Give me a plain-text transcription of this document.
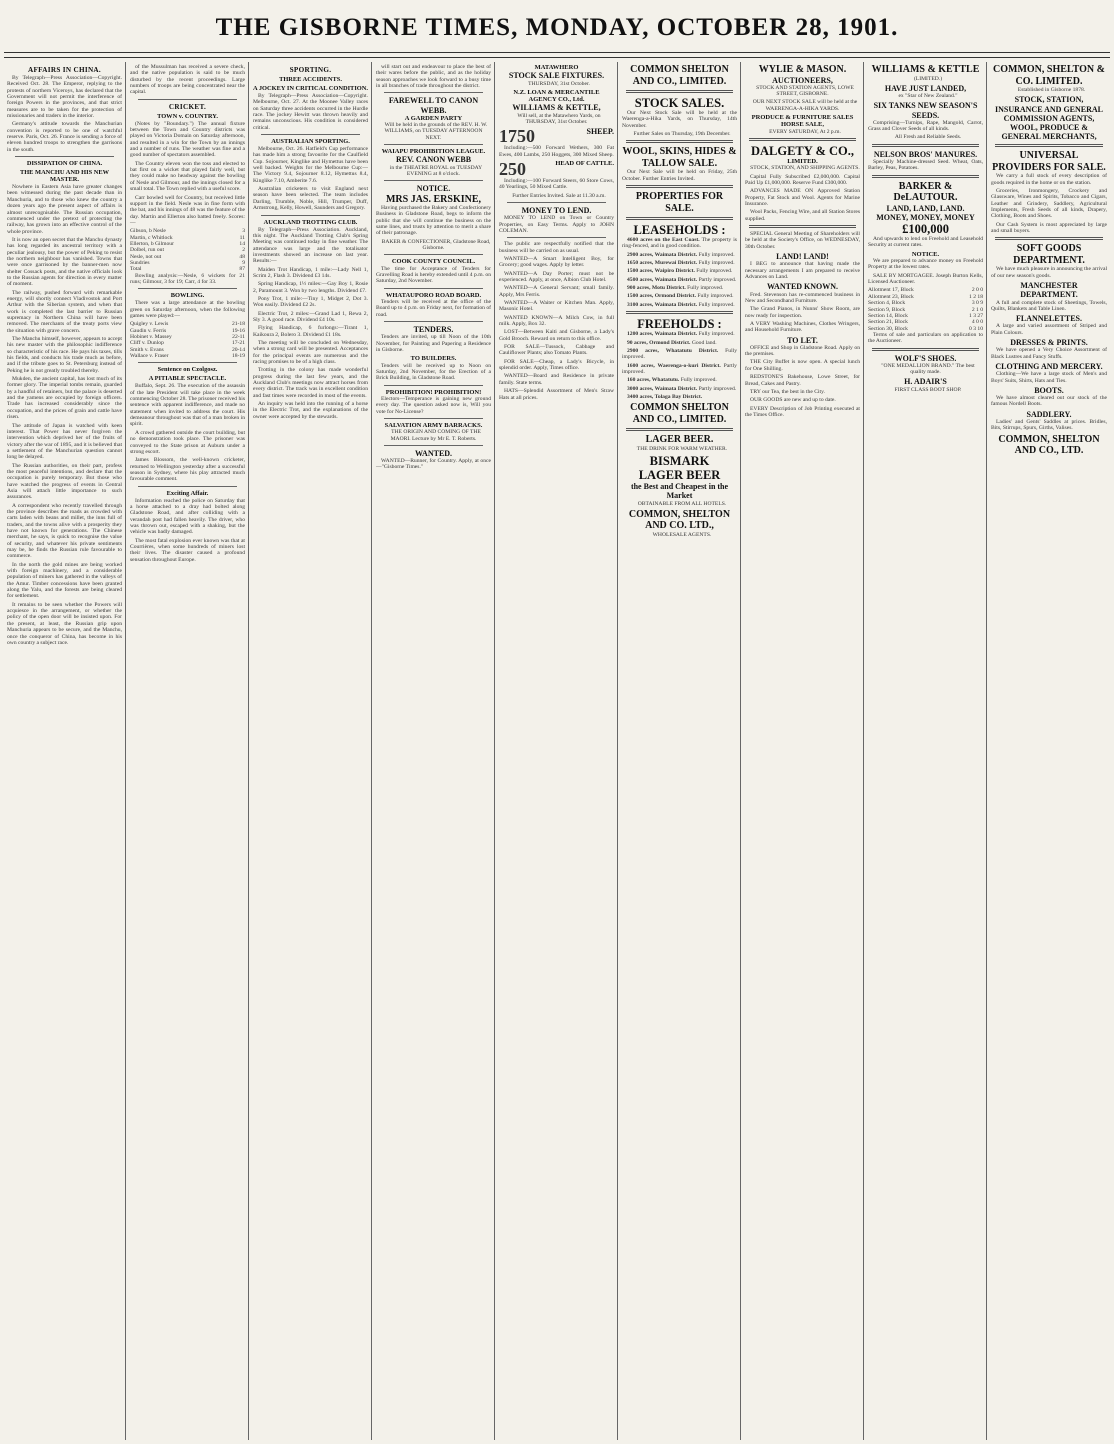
THE GISBORNE TIMES, MONDAY, OCTOBER 28, 1901.
AFFAIRS IN CHINA.

By Telegraph—Press Association—Copyright. Received Oct. 28. The Emperor, replying to the protests of northern Viceroys, has declared that the Government will not permit the interference of foreign Powers in the provinces, and that strict measures are to be taken for the protection of missionaries and traders in the interior.

Germany's attitude towards the Manchurian convention is reported to be one of watchful reserve. Paris, Oct. 26. France is sending a force of eleven hundred troops to strengthen the garrisons in the south.

DISSIPATION OF CHINA.
THE MANCHU AND HIS NEW MASTER.

Nowhere in Eastern Asia have greater changes been witnessed during the past decade than in Manchuria, and to those who knew the country a dozen years ago the present aspect of affairs is almost unrecognisable. The Russian occupation, commenced under the pretext of protecting the railway, has grown into an effective control of the whole province.

It is now an open secret that the Manchu dynasty has long regarded its ancestral territory with a peculiar jealousy, but the power of Peking to resist the northern neighbour has vanished. Towns that were once garrisoned by the banner-men now shelter Cossack posts, and the native officials look to the Russian agents for direction in every matter of moment.

The railway, pushed forward with remarkable energy, will shortly connect Vladivostok and Port Arthur with the Siberian system, and when that work is completed the last barrier to Russian supremacy in Northern China will have been removed. The merchants of the treaty ports view the situation with grave concern.

The Manchu himself, however, appears to accept his new master with the philosophic indifference so characteristic of his race. He pays his taxes, tills his fields, and conducts his trade much as before, and if the tribute goes to St. Petersburg instead of Peking he is not greatly troubled thereby.

Mukden, the ancient capital, has lost much of its former glory. The imperial tombs remain, guarded by a handful of retainers, but the palace is deserted and the yamens are occupied by foreign officers. Trade has increased considerably since the occupation, and the prices of grain and cattle have risen.

The attitude of Japan is watched with keen interest. That Power has never forgiven the intervention which deprived her of the fruits of victory after the war of 1895, and it is believed that a settlement of the Manchurian question cannot long be delayed.

The Russian authorities, on their part, profess the most peaceful intentions, and declare that the occupation is purely temporary. But those who have watched the progress of events in Central Asia will attach little importance to such assurances.

A correspondent who recently travelled through the province describes the roads as crowded with carts laden with beans and millet, the inns full of traders, and the towns alive with a prosperity they have not known for generations. The Chinese merchant, he says, is quick to recognise the value of security, and whatever his private sentiments may be, he finds the Russian rule favourable to commerce.

In the north the gold mines are being worked with foreign machinery, and a considerable population of miners has gathered in the valleys of the Amur. Timber concessions have been granted along the Yalu, and the forests are being cleared for settlement.

It remains to be seen whether the Powers will acquiesce in the arrangement, or whether the policy of the open door will be insisted upon. For the present, at least, the Russian grip upon Manchuria appears to be secure, and the Manchu, once the conqueror of China, has become in his own country a subject race.

of the Mussulman has received a severe check, and the native population is said to be much disturbed by the recent proceedings. Large numbers of troops are being concentrated near the capital.

CRICKET.
TOWN v. COUNTRY.

(Notes by "Boundary.") The annual fixture between the Town and Country districts was played on Victoria Domain on Saturday afternoon, and resulted in a win for the Town by an innings and a number of runs. The weather was fine and a good number of spectators assembled.

The Country eleven won the toss and elected to bat first on a wicket that played fairly well, but they could make no headway against the bowling of Nesle and Gilmour, and the innings closed for a small total. The Town replied with a useful score.

Carr bowled well for Country, but received little support in the field. Nesle was in fine form with the bat, and his innings of 48 was the feature of the day. Martin and Ellerton also batted freely. Scores:—

Gibson, b Nesle	3
Martin, c Whitlock	11
Ellerton, b Gilmour	14
Dolbel, run out	2
Nesle, not out	48
Sundries	9
Total	87

Bowling analysis:—Nesle, 6 wickets for 21 runs; Gilmour, 3 for 19; Carr, 4 for 33.

BOWLING.

There was a large attendance at the bowling green on Saturday afternoon, when the following games were played:—

Quigley v. Lewis	21-18
Gaudin v. Ferris	19-16
Hobinet v. Massey	22-11
Cliff v. Dunlop	17-21
Smith v. Evans	20-14
Wallace v. Fraser	18-19
Sentence on Czolgosz.
A PITIABLE SPECTACLE.

Buffalo, Sept. 26. The execution of the assassin of the late President will take place in the week commencing October 28. The prisoner received his sentence with apparent indifference, and made no statement when invited to address the court. His demeanour throughout was that of a man broken in spirit.

A crowd gathered outside the court building, but no demonstration took place. The prisoner was conveyed to the State prison at Auburn under a strong escort.

James Blossom, the well-known cricketer, returned to Wellington yesterday after a successful season in Sydney, where his play attracted much favourable comment.

Exciting Affair.

Information reached the police on Saturday that a horse attached to a dray had bolted along Gladstone Road, and after colliding with a verandah post had fallen heavily. The driver, who was thrown out, escaped with a shaking, but the vehicle was badly damaged.

The most fatal explosion ever known was that at Courrières, when some hundreds of miners lost their lives. The disaster caused a profound sensation throughout Europe.

SPORTING.
THREE ACCIDENTS.
A JOCKEY IN CRITICAL CONDITION.

By Telegraph—Press Association—Copyright. Melbourne, Oct. 27. At the Moonee Valley races on Saturday three accidents occurred in the Hurdle race. The jockey Hewitt was thrown heavily and remains unconscious. His condition is considered critical.

AUSTRALIAN SPORTING.

Melbourne, Oct. 26. Hatfield's Cup performance has made him a strong favourite for the Caulfield Cup. Sojourner, Kinglike and Hymettus have been well backed. Weights for the Melbourne Cup:—The Victory 9.4, Sojourner 8.12, Hymettus 8.4, Kinglike 7.10, Amberite 7.6.

Australian cricketers to visit England next season have been selected. The team includes Darling, Trumble, Noble, Hill, Trumper, Duff, Armstrong, Kelly, Howell, Saunders and Gregory.

AUCKLAND TROTTING CLUB.

By Telegraph—Press Association. Auckland, this night. The Auckland Trotting Club's Spring Meeting was continued today in fine weather. The attendance was large and the totalisator investments showed an increase on last year. Results:—

Maiden Trot Handicap, 1 mile:—Lady Nell 1, Scrim 2, Flash 3. Dividend £3 14s.

Spring Handicap, 1½ miles:—Gay Boy 1, Rosie 2, Paramount 3. Won by two lengths. Dividend £7.

Pony Trot, 1 mile:—Tiny 1, Midget 2, Dot 3. Won easily. Dividend £2 2s.

Electric Trot, 2 miles:—Grand Lad 1, Rewa 2, Sly 3. A good race. Dividend £4 10s.

Flying Handicap, 6 furlongs:—Tirant 1, Kaikoura 2, Bolero 3. Dividend £1 18s.

The meeting will be concluded on Wednesday, when a strong card will be presented. Acceptances for the principal events are numerous and the racing promises to be of a high class.

Trotting in the colony has made wonderful progress during the last few years, and the Auckland Club's meetings now attract horses from every district. The track was in excellent condition and fast times were recorded in most of the events.

An inquiry was held into the running of a horse in the Electric Trot, and the explanations of the owner were accepted by the stewards.

will start out and endeavour to place the best of their wares before the public, and as the holiday season approaches we look forward to a busy time in all branches of trade throughout the district.

FAREWELL TO CANON WEBB.
A GARDEN PARTY

Will be held in the grounds of the REV. H. W. WILLIAMS, on TUESDAY AFTERNOON NEXT.

WAIAPU PROHIBITION LEAGUE.
REV. CANON WEBB

in the THEATRE ROYAL on TUESDAY EVENING at 8 o'clock.

NOTICE.
MRS JAS. ERSKINE,

Having purchased the Bakery and Confectionery Business in Gladstone Road, begs to inform the public that she will continue the business on the same lines, and trusts by attention to merit a share of their patronage.

BAKER & CONFECTIONER, Gladstone Road, Gisborne.

COOK COUNTY COUNCIL.

The time for Acceptance of Tenders for Gravelling Road is hereby extended until 4 p.m. on Saturday, 2nd November.

WHATAUPORO ROAD BOARD.

Tenders will be received at the office of the Board up to 4 p.m. on Friday next, for formation of road.

TENDERS.

Tenders are invited, up till Noon of the 10th November, for Painting and Papering a Residence in Gisborne.

TO BUILDERS.

Tenders will be received up to Noon on Saturday, 2nd November, for the Erection of a Brick Building, in Gladstone Road.

PROHIBITION! PROHIBITION!

Electors—Temperance is gaining new ground every day. The question asked now is, Will you vote for No-License?

SALVATION ARMY BARRACKS.

THE ORIGIN AND COMING OF THE MAORI. Lecture by Mr E. T. Roberts.

WANTED.

WANTED—Runner, for Country. Apply, at once—"Gisborne Times."

MATAWHERO
STOCK SALE FIXTURES.

THURSDAY, 31st October.

N.Z. LOAN & MERCANTILE AGENCY CO., Ltd.
WILLIAMS & KETTLE,

Will sell, at the Matawhero Yards, on THURSDAY, 31st October.

1750	SHEEP.

Including:—500 Forward Wethers, 300 Fat Ewes, 400 Lambs, 250 Hoggets, 300 Mixed Sheep.

250	HEAD OF CATTLE.

Including:—100 Forward Steers, 60 Store Cows, 40 Yearlings, 50 Mixed Cattle.

Further Entries Invited. Sale at 11.30 a.m.

MONEY TO LEND.

MONEY TO LEND on Town or Country Properties, on Easy Terms. Apply to JOHN COLEMAN.

The public are respectfully notified that the business will be carried on as usual.

WANTED—A Smart Intelligent Boy, for Grocery; good wages. Apply by letter.

WANTED—A Day Porter; must not be experienced. Apply, at once, Albion Club Hotel.

WANTED—A General Servant; small family. Apply, Mrs Ferris.

WANTED—A Waiter or Kitchen Man. Apply, Masonic Hotel.

WANTED KNOWN—A Milch Cow, in full milk. Apply, Box 32.

LOST—Between Kaiti and Gisborne, a Lady's Gold Brooch. Reward on return to this office.

FOR SALE—Tussock, Cabbage and Cauliflower Plants; also Tomato Plants.

FOR SALE—Cheap, a Lady's Bicycle, in splendid order. Apply, Times office.

WANTED—Board and Residence in private family. State terms.

HATS—Splendid Assortment of Men's Straw Hats at all prices.

COMMON SHELTON AND CO., LIMITED.
STOCK SALES.

Our Next Stock Sale will be held at the Waerenga-a-Hika Yards, on Thursday, 14th November.

Further Sales on Thursday, 19th December.

WOOL, SKINS, HIDES & TALLOW SALE.

Our Next Sale will be held on Friday, 25th October. Further Entries Invited.

PROPERTIES FOR SALE.
LEASEHOLDS :

4600 acres on the East Coast. The property is ring-fenced, and in good condition.

2900 acres, Waimata District. Fully improved.

1650 acres, Murewai District. Fully improved.

1500 acres, Waipiro District. Fully improved.

4500 acres, Waimata District. Partly improved.

900 acres, Motu District. Fully improved.

1500 acres, Ormond District. Fully improved.

3100 acres, Waimata District. Fully improved.

FREEHOLDS :

1200 acres, Waimata District. Fully improved.

90 acres, Ormond District. Good land.

2900 acres, Whatatutu District. Fully improved.

1600 acres, Waerenga-o-kuri District. Partly improved.

160 acres, Whatatutu. Fully improved.

3000 acres, Waimata District. Partly improved.

3400 acres, Tolaga Bay District.

COMMON SHELTON AND CO., LIMITED.
LAGER BEER.

THE DRINK FOR WARM WEATHER.

BISMARK
LAGER BEER
the Best and Cheapest in the Market

OBTAINABLE FROM ALL HOTELS.

COMMON, SHELTON AND CO. LTD.,

WHOLESALE AGENTS.

WYLIE & MASON.
AUCTIONEERS,

STOCK AND STATION AGENTS, LOWE STREET, GISBORNE.

OUR NEXT STOCK SALE will be held at the WAERENGA-A-HIKA YARDS.

PRODUCE & FURNITURE SALES
HORSE SALE,

EVERY SATURDAY, At 2 p.m.

DALGETY & CO.,
LIMITED.

STOCK, STATION, AND SHIPPING AGENTS.

Capital Fully Subscribed £2,000,000. Capital Paid Up £1,000,000. Reserve Fund £300,000.

ADVANCES MADE ON Approved Station Property, Fat Stock and Wool. Agents for Marine Insurance.

Wool Packs, Fencing Wire, and all Station Stores supplied.

SPECIAL General Meeting of Shareholders will be held at the Society's Office, on WEDNESDAY, 30th October.

LAND! LAND!

I BEG to announce that having made the necessary arrangements I am prepared to receive Advances on Land.

WANTED KNOWN.

Fred. Stevenson has re-commenced business in New and Secondhand Furniture.

The Grand Pianos, in Nunns' Show Room, are now ready for inspection.

A VERY Washing Machines, Clothes Wringers, and Household Furniture.

TO LET.

OFFICE and Shop in Gladstone Road. Apply on the premises.

THE City Buffet is now open. A special lunch for One Shilling.

REDSTONE'S Bakehouse, Lowe Street, for Bread, Cakes and Pastry.

TRY our Tea, the best in the City.

OUR GOODS are new and up to date.

EVERY Description of Job Printing executed at the Times Office.

WILLIAMS & KETTLE

(LIMITED.)

HAVE JUST LANDED,

ex "Star of New Zealand."

SIX TANKS NEW SEASON'S SEEDS.

Comprising—Turnips, Rape, Mangold, Carrot, Grass and Clover Seeds of all kinds.

All Fresh and Reliable Seeds.

NELSON BROS' MANURES.

Specially Machine-dressed Seed. Wheat, Oats, Barley, Peas, Potatoes.

BARKER & DeLAUTOUR.
LAND, LAND, LAND.
MONEY, MONEY, MONEY
£100,000

And upwards to lend on Freehold and Leasehold Security at current rates.

NOTICE.

We are prepared to advance money on Freehold Property at the lowest rates.

SALE BY MORTGAGEE. Joseph Burton Kells, Licensed Auctioneer.

Allotment 17, Block	2 0 0
Allotment 23, Block	1 2 18
Section 4, Block	3 0 9
Section 9, Block	2 1 0
Section 14, Block	1 3 27
Section 21, Block	4 0 0
Section 30, Block	0 3 10

Terms of sale and particulars on application to the Auctioneer.

WOLF'S SHOES.

"ONE MEDALLION BRAND." The best quality made.

H. ADAIR'S

FIRST CLASS BOOT SHOP.

COMMON, SHELTON & CO. LIMITED.

Established in Gisborne 1878.

STOCK, STATION, INSURANCE AND GENERAL COMMISSION AGENTS,
WOOL, PRODUCE & GENERAL MERCHANTS,
UNIVERSAL PROVIDERS FOR SALE.

We carry a full stock of every description of goods required in the home or on the station.

Groceries, Ironmongery, Crockery and Glassware, Wines and Spirits, Tobacco and Cigars, Leather and Grindery, Saddlery, Agricultural Implements, Fresh Seeds of all kinds, Drapery, Clothing, Boots and Shoes.

Our Cash System is most appreciated by large and small buyers.

SOFT GOODS DEPARTMENT.

We have much pleasure in announcing the arrival of our new season's goods.

MANCHESTER DEPARTMENT.

A full and complete stock of Sheetings, Towels, Quilts, Blankets and Table Linen.

FLANNELETTES.

A large and varied assortment of Striped and Plain Colours.

DRESSES & PRINTS.

We have opened a Very Choice Assortment of Black Lustres and Fancy Stuffs.

CLOTHING AND MERCERY.

Clothing—We have a large stock of Men's and Boys' Suits, Shirts, Hats and Ties.

BOOTS.

We have almost cleared out our stock of the famous Nordell Boots.

SADDLERY.

Ladies' and Gents' Saddles at prices. Bridles, Bits, Stirrups, Spurs, Girths, Valises.

COMMON, SHELTON AND CO., LTD.
